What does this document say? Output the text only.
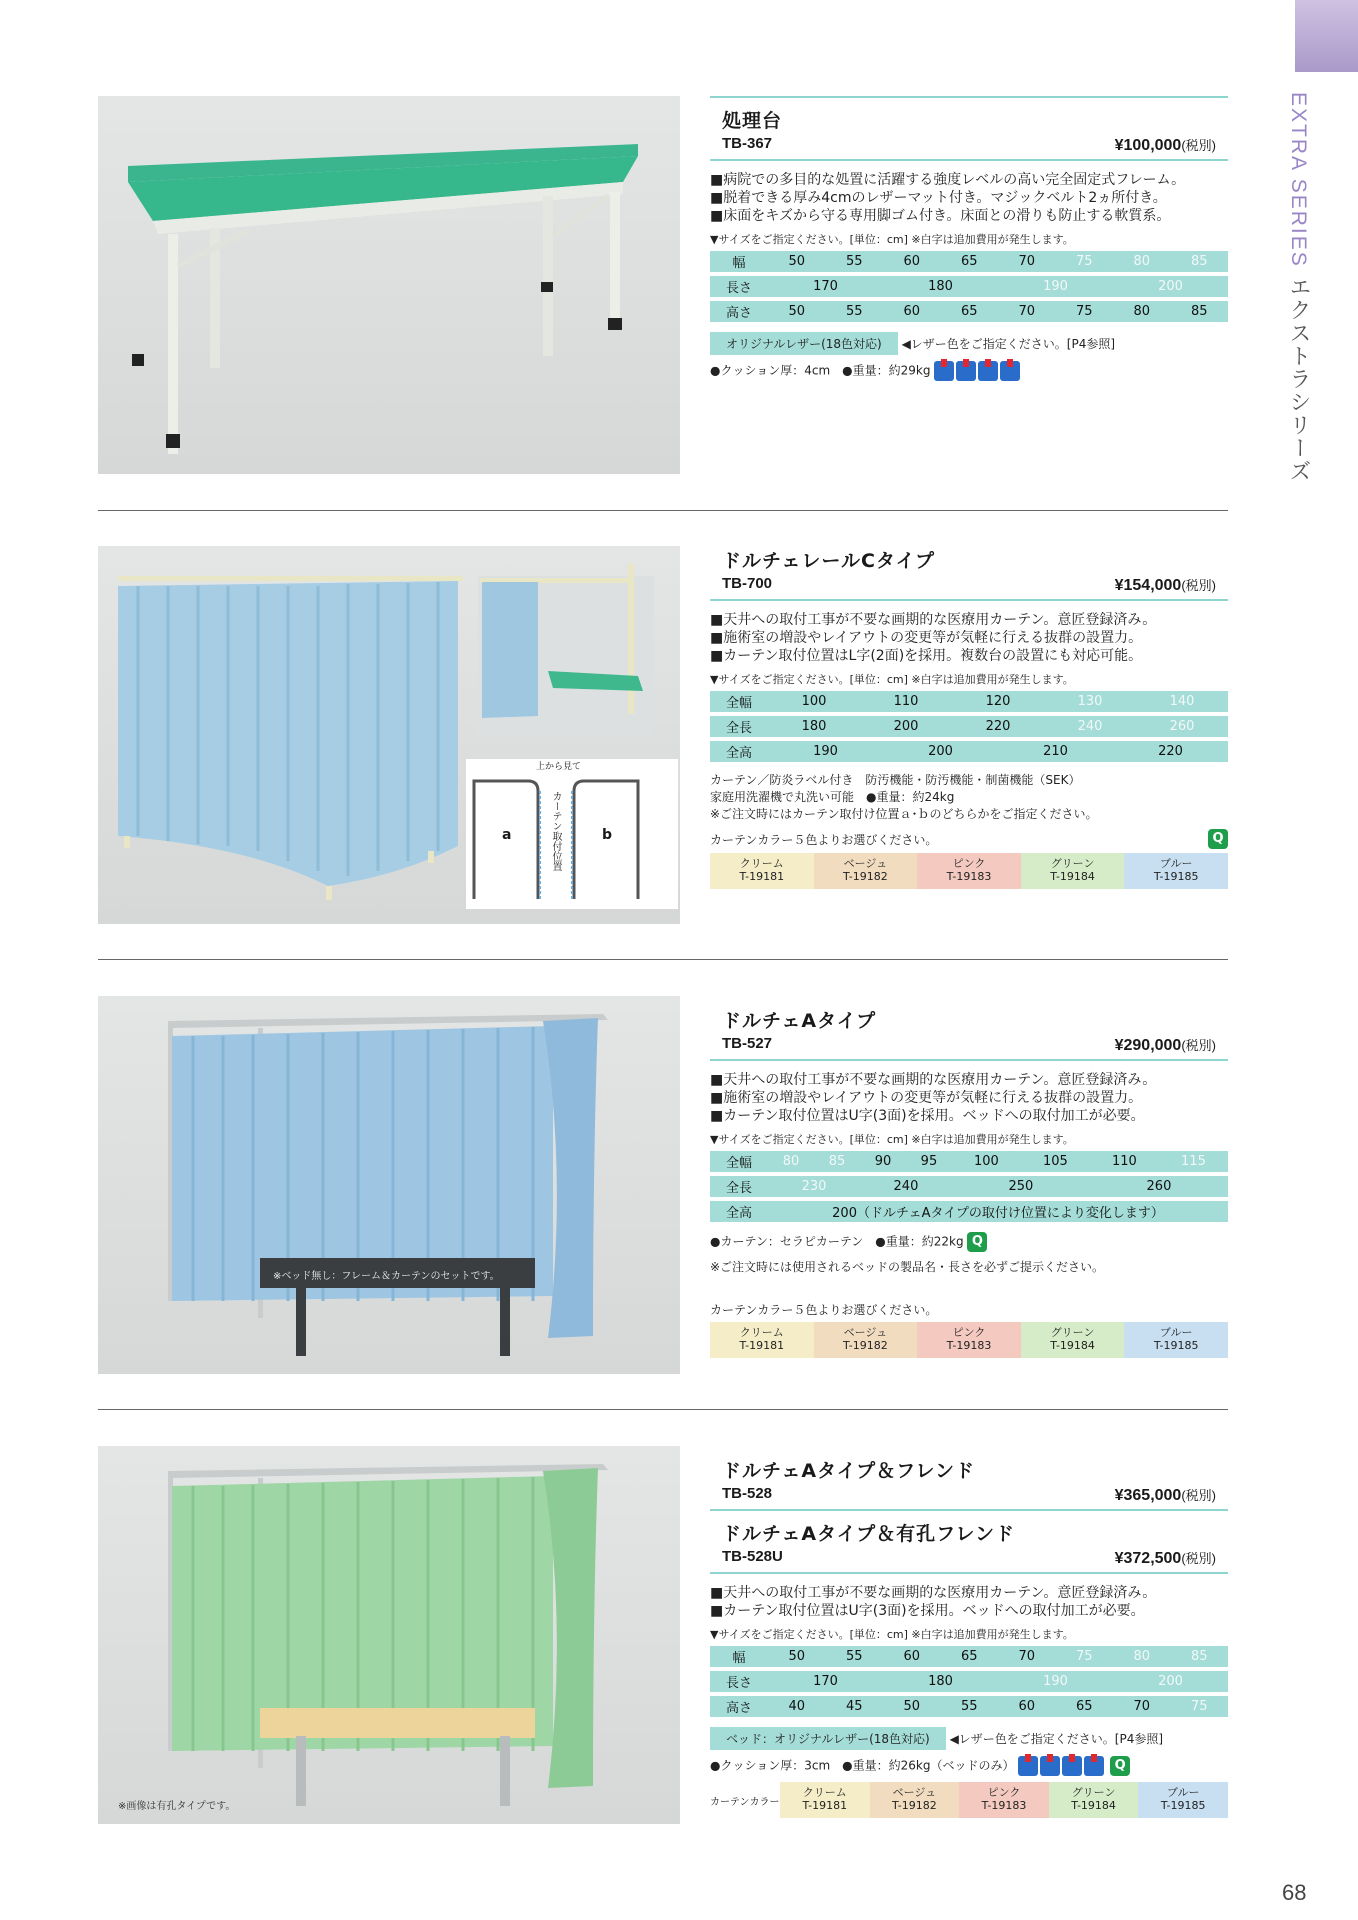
EXTRA SERIES エクストラシリーズ
68
処理台
TB-367	¥100,000(税別)
■病院での多目的な処置に活躍する強度レベルの高い完全固定式フレーム。
■脱着できる厚み4cmのレザーマット付き。マジックベルト2ヵ所付き。
■床面をキズから守る専用脚ゴム付き。床面との滑りも防止する軟質系。
▼サイズをご指定ください。[単位：cm] ※白字は追加費用が発生します。
幅	50	55	60	65	70	75	80	85
長さ	170		180		190		200	
高さ	50	55	60	65	70	75	80	85
オリジナルレザー(18色対応) ◀レザー色をご指定ください。[P4参照]
●クッション厚：4cm　●重量：約29kg
上から見て
a	b
カーテン取付位置
ドルチェレールCタイプ
TB-700	¥154,000(税別)
■天井への取付工事が不要な画期的な医療用カーテン。意匠登録済み。
■施術室の増設やレイアウトの変更等が気軽に行える抜群の設置力。
■カーテン取付位置はL字(2面)を採用。複数台の設置にも対応可能。
▼サイズをご指定ください。[単位：cm] ※白字は追加費用が発生します。
全幅	100	110	120	130	140
全長	180	200	220	240	260
全高	190 200 210 220				
カーテン／防炎ラベル付き　防汚機能・防汚機能・制菌機能（SEK）
家庭用洗濯機で丸洗い可能　●重量：約24kg
※ご注文時にはカーテン取付け位置ａ･ｂのどちらかをご指定ください。
カーテンカラー５色よりお選びください。	Q
クリーム
T-19181
ベージュ
T-19182
ピンク
T-19183
グリーン
T-19184
ブルー
T-19185
※ベッド無し：フレーム＆カーテンのセットです。
ドルチェAタイプ
TB-527	¥290,000(税別)
■天井への取付工事が不要な画期的な医療用カーテン。意匠登録済み。
■施術室の増設やレイアウトの変更等が気軽に行える抜群の設置力。
■カーテン取付位置はU字(3面)を採用。ベッドへの取付加工が必要。
▼サイズをご指定ください。[単位：cm] ※白字は追加費用が発生します。
全幅	80	85	90	95	100	105	110	115
全長	230		240		250		260	
全高	200（ドルチェAタイプの取付け位置により変化します）							
●カーテン：セラピカーテン　●重量：約22kg Q
※ご注文時には使用されるベッドの製品名・長さを必ずご提示ください。
カーテンカラー５色よりお選びください。
クリーム
T-19181
ベージュ
T-19182
ピンク
T-19183
グリーン
T-19184
ブルー
T-19185
※画像は有孔タイプです。
ドルチェAタイプ＆フレンド
TB-528	¥365,000(税別)
ドルチェAタイプ＆有孔フレンド
TB-528U	¥372,500(税別)
■天井への取付工事が不要な画期的な医療用カーテン。意匠登録済み。
■カーテン取付位置はU字(3面)を採用。ベッドへの取付加工が必要。
▼サイズをご指定ください。[単位：cm] ※白字は追加費用が発生します。
幅	50	55	60	65	70	75	80	85
長さ	170		180		190		200	
高さ	40	45	50	55	60	65	70	75
ベッド：オリジナルレザー(18色対応) ◀レザー色をご指定ください。[P4参照]
●クッション厚：3cm　●重量：約26kg（ベッドのみ）	Q
カーテンカラー
クリーム
T-19181
ベージュ
T-19182
ピンク
T-19183
グリーン
T-19184
ブルー
T-19185
